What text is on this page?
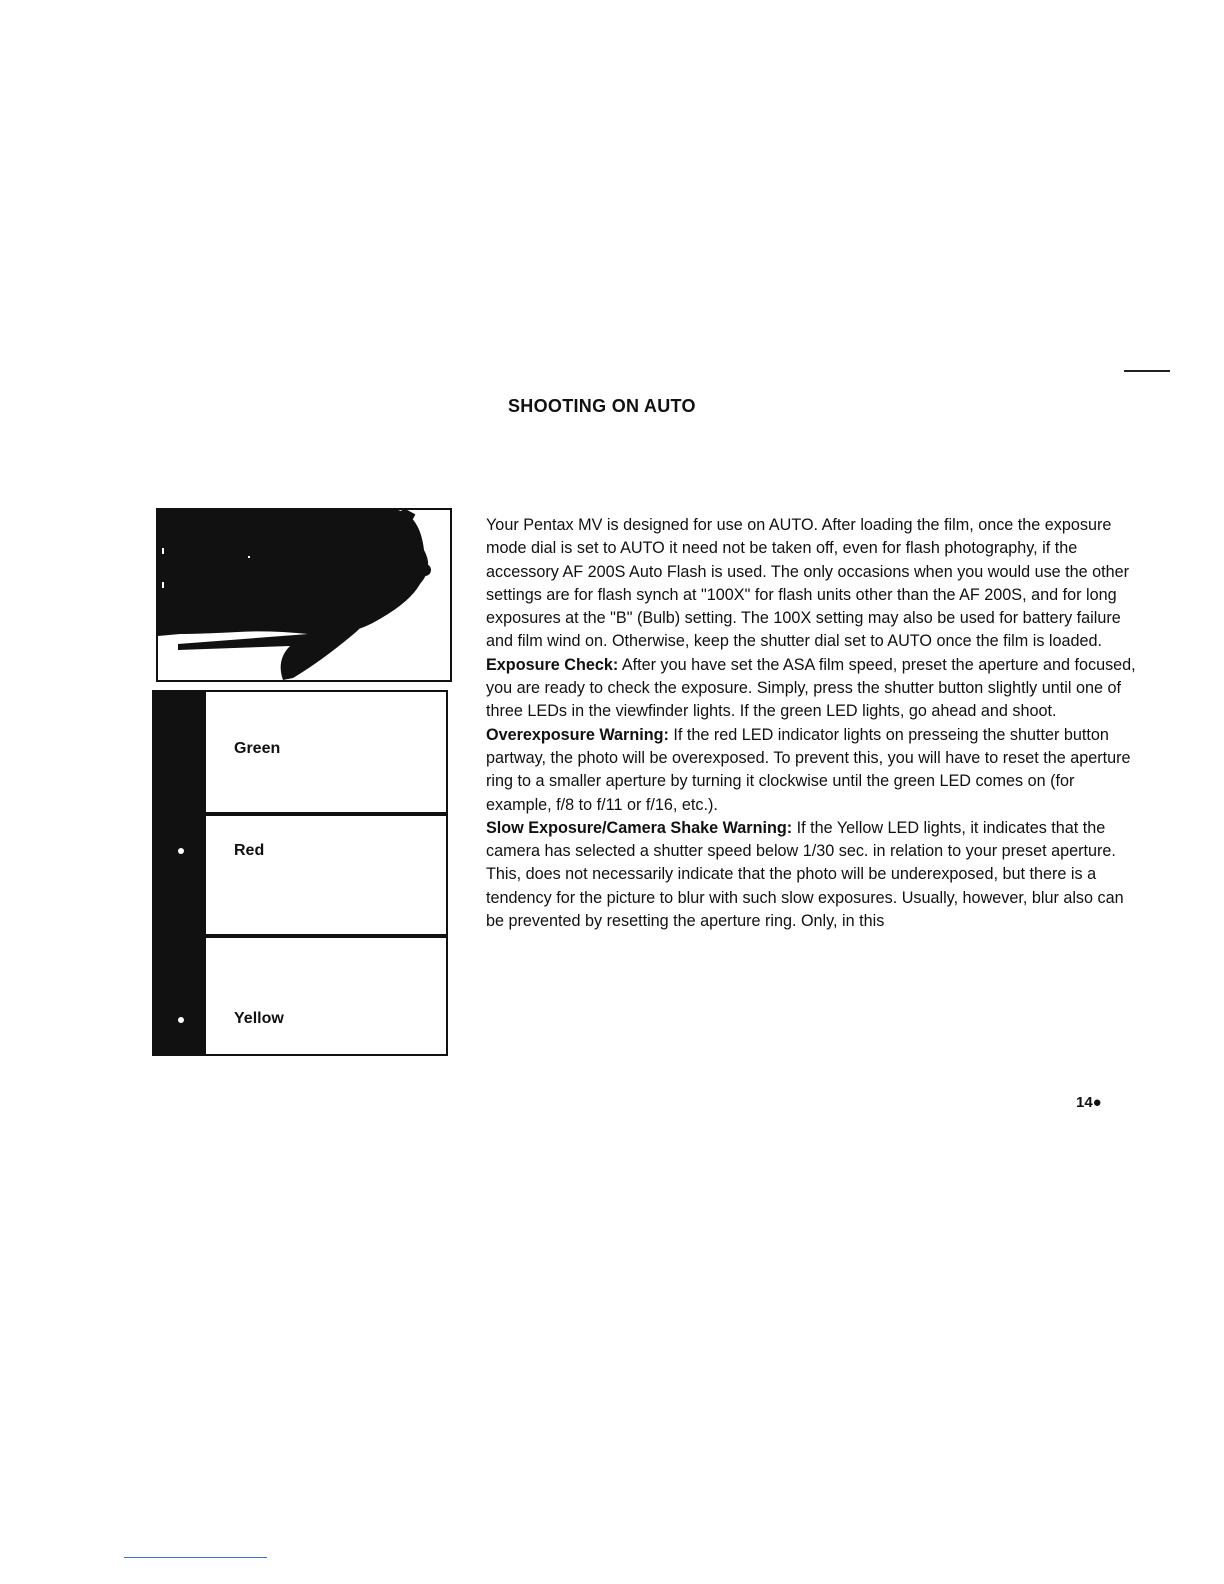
SHOOTING ON AUTO
Green
Red
Yellow

Your Pentax MV is designed for use on AUTO. After loading the film, once the exposure mode dial is set to AUTO it need not be taken off, even for flash photography, if the accessory AF 200S Auto Flash is used. The only occasions when you would use the other settings are for flash synch at "100X" for flash units other than the AF 200S, and for long exposures at the "B" (Bulb) setting. The 100X setting may also be used for battery failure and film wind on. Otherwise, keep the shutter dial set to AUTO once the film is loaded.

Exposure Check: After you have set the ASA film speed, preset the aperture and focused, you are ready to check the exposure. Simply, press the shutter button slightly until one of three LEDs in the viewfinder lights. If the green LED lights, go ahead and shoot.

Overexposure Warning: If the red LED indicator lights on presseing the shutter button partway, the photo will be overexposed. To prevent this, you will have to reset the aperture ring to a smaller aperture by turning it clockwise until the green LED comes on (for example, f/8 to f/11 or f/16, etc.).

Slow Exposure/Camera Shake Warning: If the Yellow LED lights, it indicates that the camera has selected a shutter speed below 1/30 sec. in relation to your preset aperture. This, does not necessarily indicate that the photo will be underexposed, but there is a tendency for the picture to blur with such slow exposures. Usually, however, blur also can be prevented by resetting the aperture ring. Only, in this

14●
